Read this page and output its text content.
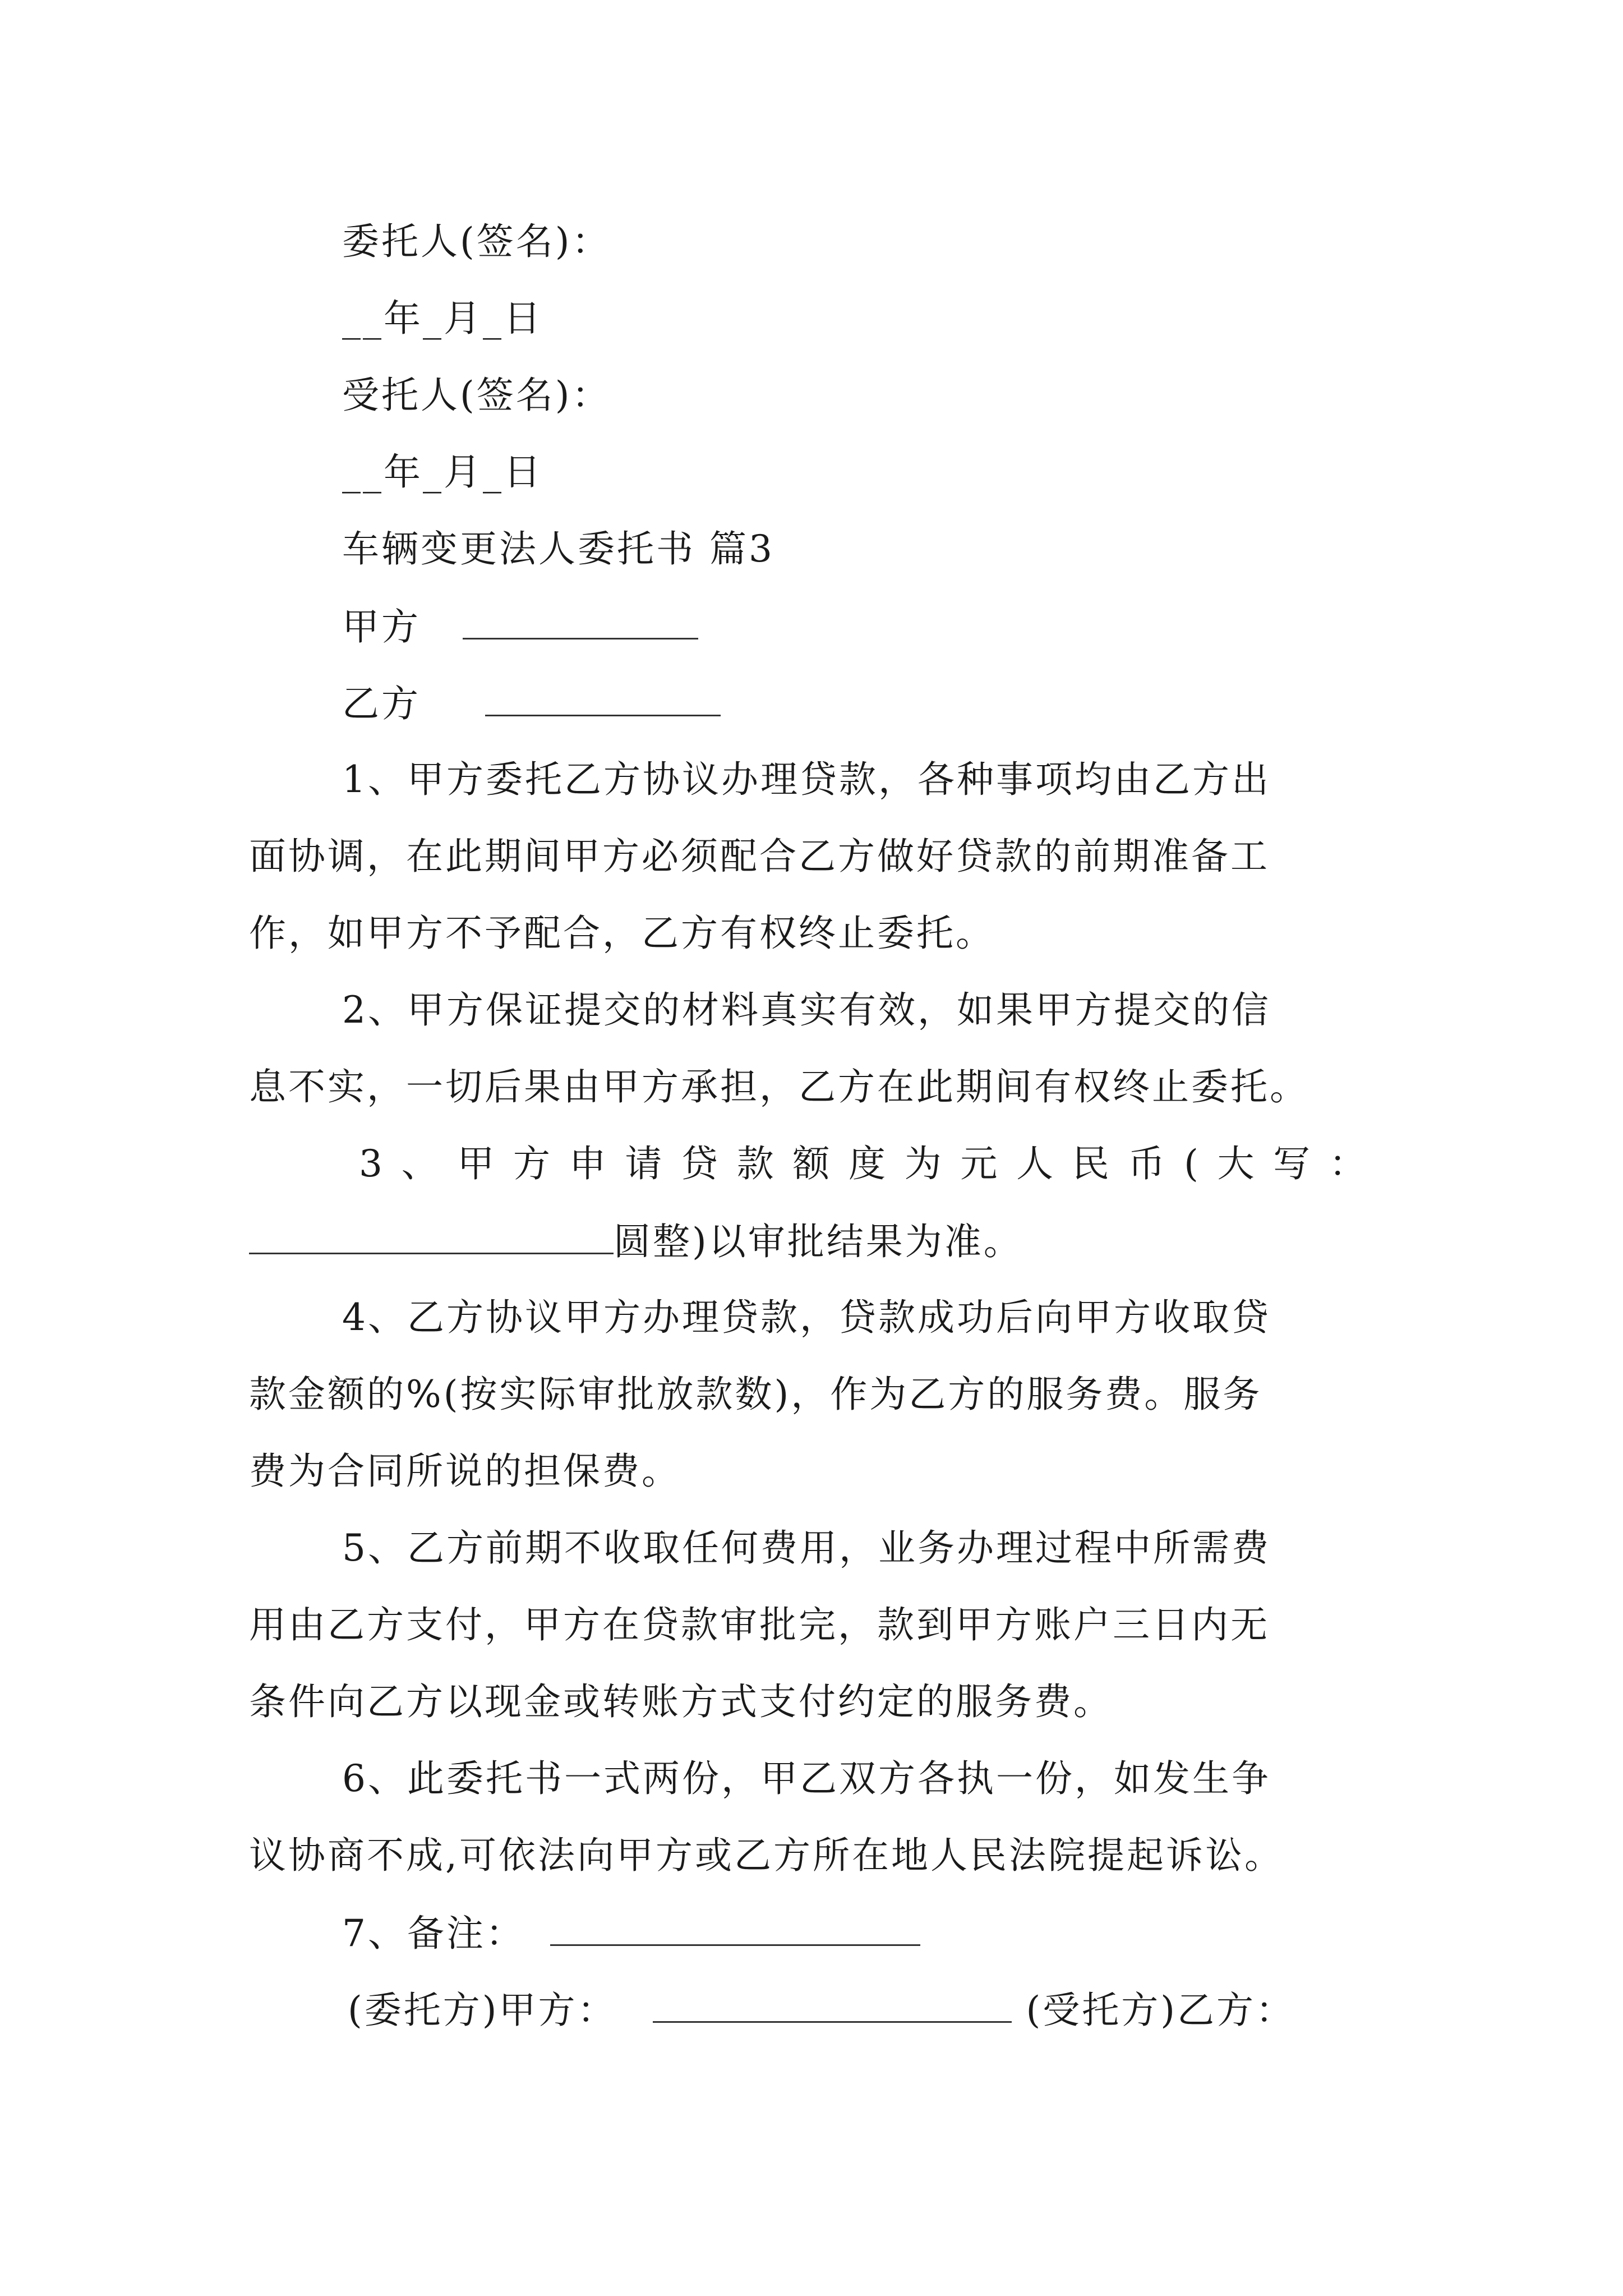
委托人(签名)：
__年_月_日
受托人(签名)：
__年_月_日
车辆变更法人委托书 篇3
甲方
乙方
1、甲方委托乙方协议办理贷款，各种事项均由乙方出
面协调，在此期间甲方必须配合乙方做好贷款的前期准备工
作，如甲方不予配合，乙方有权终止委托。
2、甲方保证提交的材料真实有效，如果甲方提交的信
息不实，一切后果由甲方承担，乙方在此期间有权终止委托。
3 、 甲 方 申 请 贷 款 额 度 为 元 人 民 币 ( 大 写 ：
圆整)以审批结果为准。
4、乙方协议甲方办理贷款，贷款成功后向甲方收取贷
款金额的%(按实际审批放款数)，作为乙方的服务费。服务
费为合同所说的担保费。
5、乙方前期不收取任何费用，业务办理过程中所需费
用由乙方支付，甲方在贷款审批完，款到甲方账户三日内无
条件向乙方以现金或转账方式支付约定的服务费。
6、此委托书一式两份，甲乙双方各执一份，如发生争
议协商不成,可依法向甲方或乙方所在地人民法院提起诉讼。
7、备注：
(委托方)甲方：	(受托方)乙方：
